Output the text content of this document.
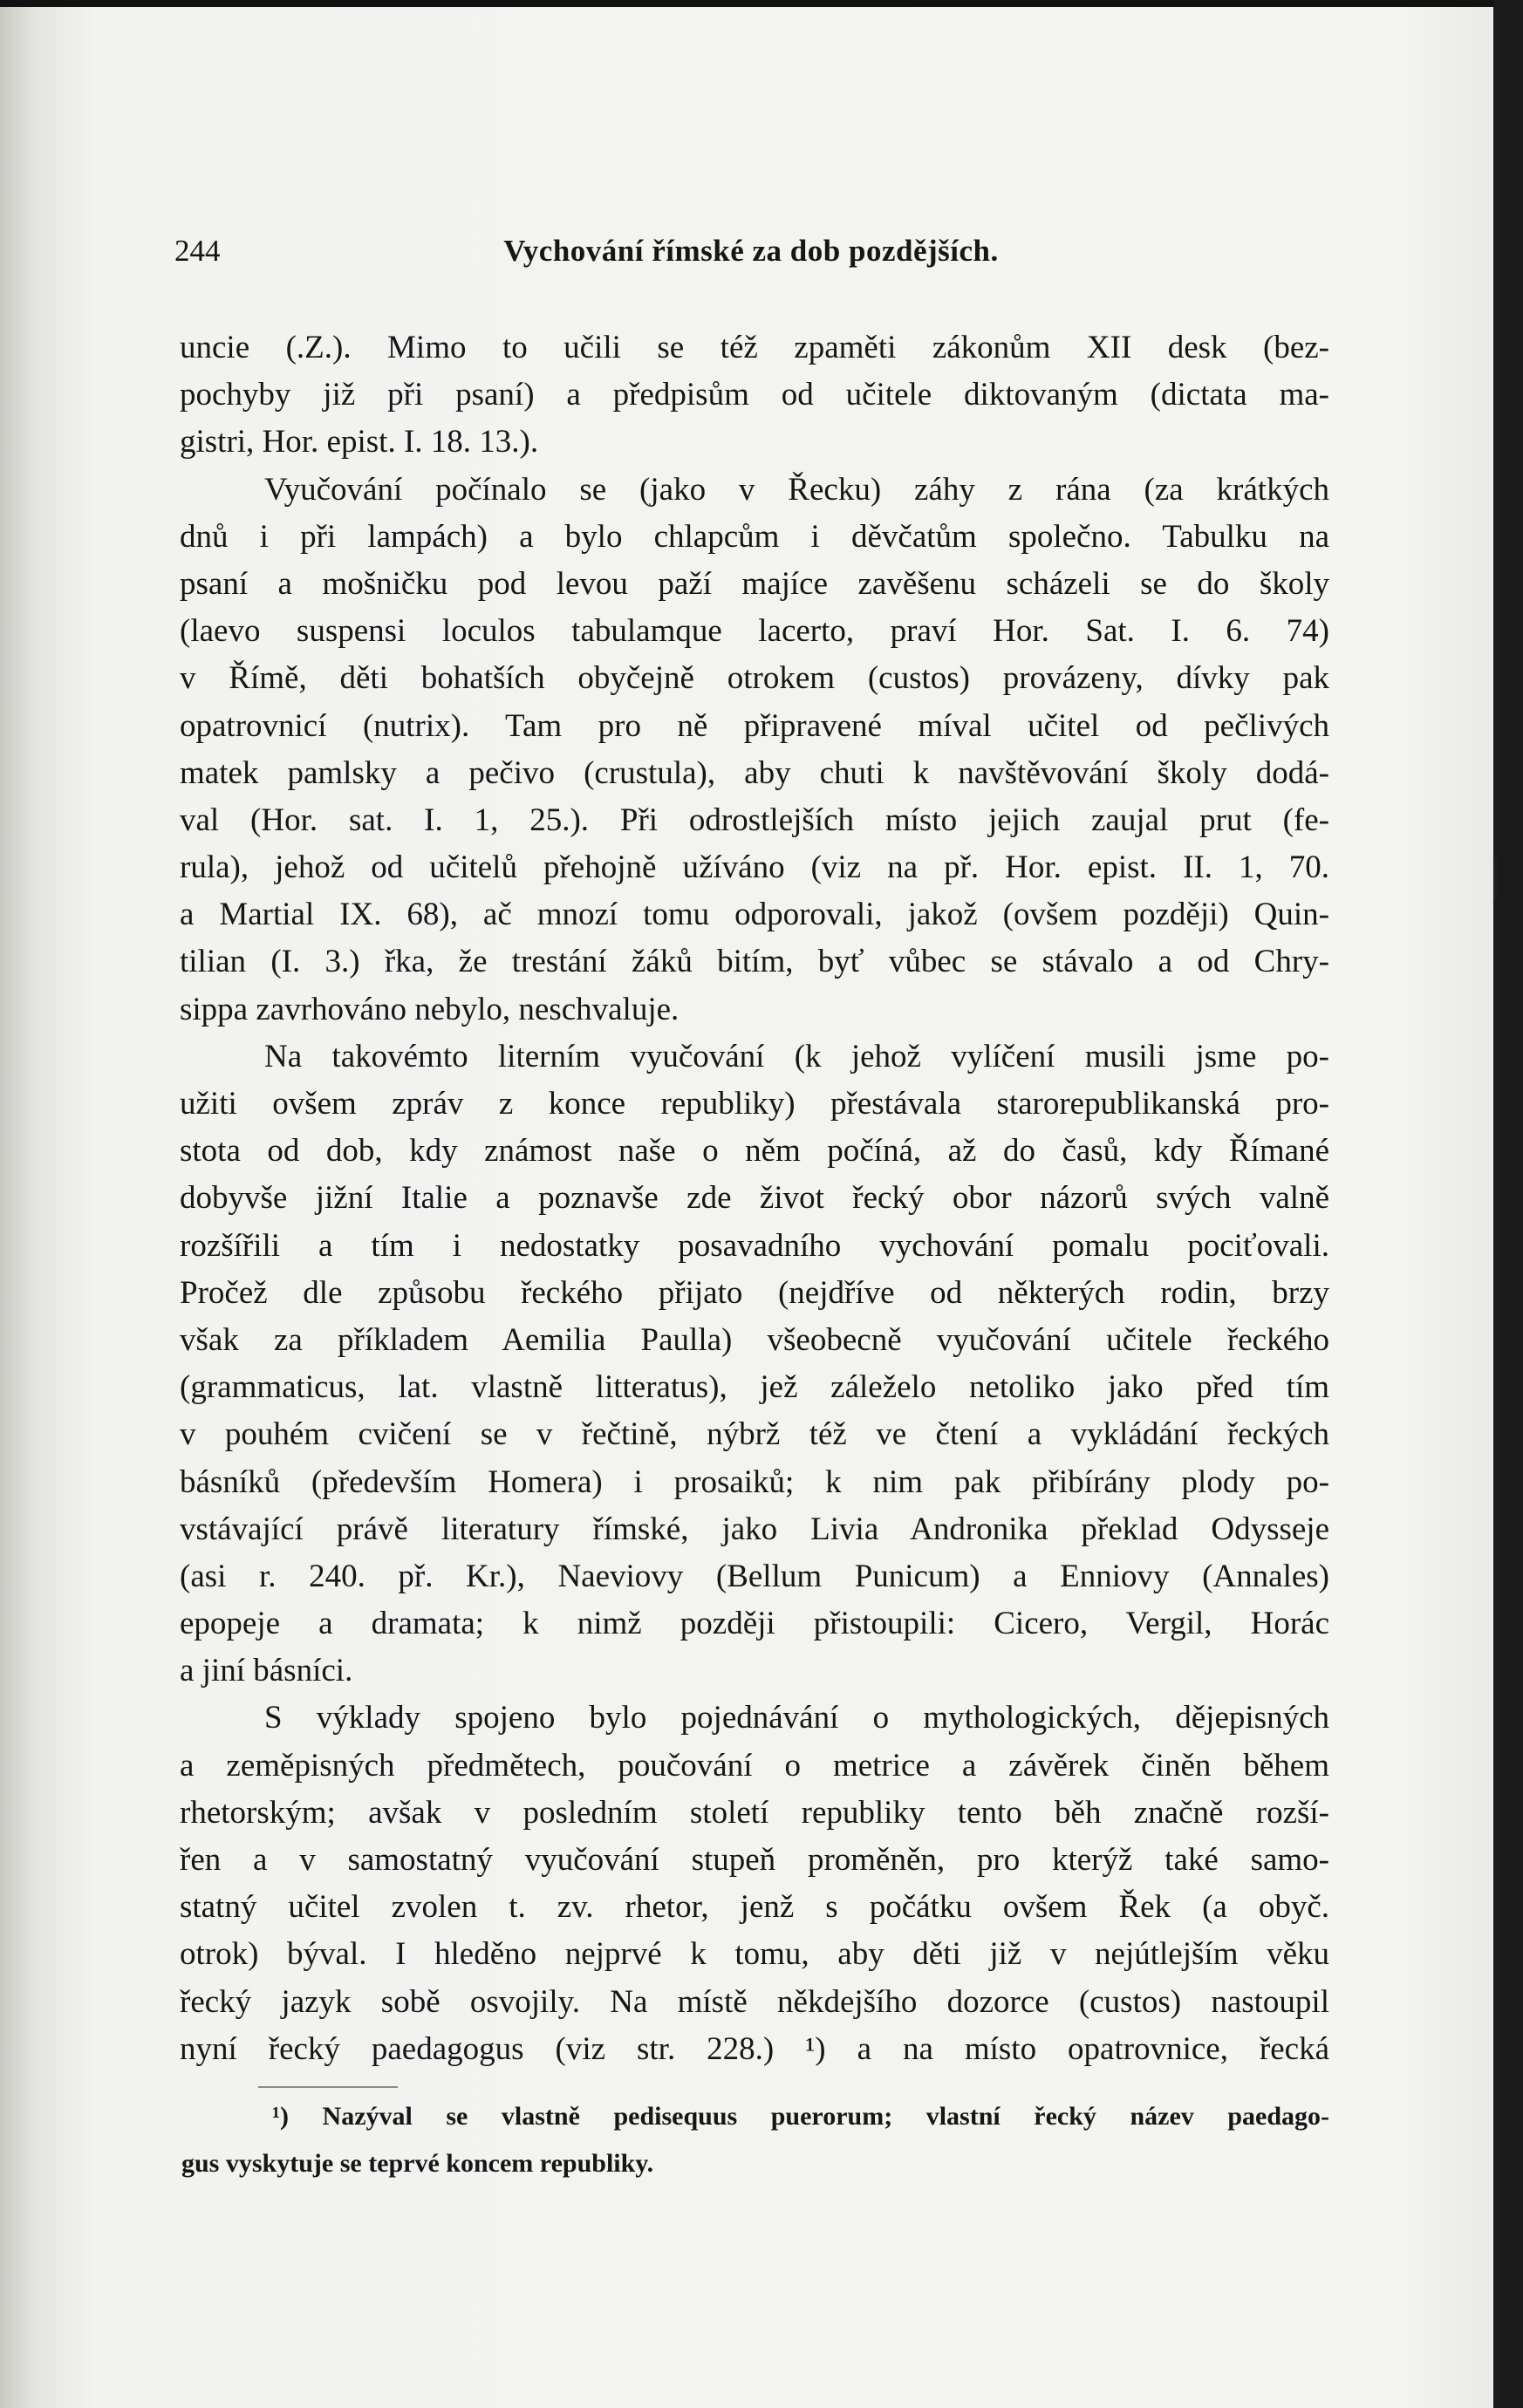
244	Vychování římské za dob pozdějších.
uncie (.Z.). Mimo to učili se též zpaměti zákonům XII desk (bez-
pochyby již při psaní) a předpisům od učitele diktovaným (dictata ma-
gistri, Hor. epist. I. 18. 13.).
Vyučování počínalo se (jako v Řecku) záhy z rána (za krátkých
dnů i při lampách) a bylo chlapcům i děvčatům společno. Tabulku na
psaní a mošničku pod levou paží majíce zavěšenu scházeli se do školy
(laevo suspensi loculos tabulamque lacerto, praví Hor. Sat. I. 6. 74)
v Římě, děti bohatších obyčejně otrokem (custos) provázeny, dívky pak
opatrovnicí (nutrix). Tam pro ně připravené míval učitel od pečlivých
matek pamlsky a pečivo (crustula), aby chuti k navštěvování školy dodá-
val (Hor. sat. I. 1, 25.). Při odrostlejších místo jejich zaujal prut (fe-
rula), jehož od učitelů přehojně užíváno (viz na př. Hor. epist. II. 1, 70.
a Martial IX. 68), ač mnozí tomu odporovali, jakož (ovšem později) Quin-
tilian (I. 3.) řka, že trestání žáků bitím, byť vůbec se stávalo a od Chry-
sippa zavrhováno nebylo, neschvaluje.
Na takovémto literním vyučování (k jehož vylíčení musili jsme po-
užiti ovšem zpráv z konce republiky) přestávala starorepublikanská pro-
stota od dob, kdy známost naše o něm počíná, až do časů, kdy Římané
dobyvše jižní Italie a poznavše zde život řecký obor názorů svých valně
rozšířili a tím i nedostatky posavadního vychování pomalu pociťovali.
Pročež dle způsobu řeckého přijato (nejdříve od některých rodin, brzy
však za příkladem Aemilia Paulla) všeobecně vyučování učitele řeckého
(grammaticus, lat. vlastně litteratus), jež záleželo netoliko jako před tím
v pouhém cvičení se v řečtině, nýbrž též ve čtení a vykládání řeckých
básníků (především Homera) i prosaiků; k nim pak přibírány plody po-
vstávající právě literatury římské, jako Livia Andronika překlad Odysseje
(asi r. 240. př. Kr.), Naeviovy (Bellum Punicum) a Enniovy (Annales)
epopeje a dramata; k nimž později přistoupili: Cicero, Vergil, Horác
a jiní básníci.
S výklady spojeno bylo pojednávání o mythologických, dějepisných
a zeměpisných předmětech, poučování o metrice a závěrek činěn během
rhetorským; avšak v posledním století republiky tento běh značně rozší-
řen a v samostatný vyučování stupeň proměněn, pro kterýž také samo-
statný učitel zvolen t. zv. rhetor, jenž s počátku ovšem Řek (a obyč.
otrok) býval. I hleděno nejprvé k tomu, aby děti již v nejútlejším věku
řecký jazyk sobě osvojily. Na místě někdejšího dozorce (custos) nastoupil
nyní řecký paedagogus (viz str. 228.) ¹) a na místo opatrovnice, řecká
¹) Nazýval se vlastně pedisequus puerorum; vlastní řecký název paedago-
gus vyskytuje se teprvé koncem republiky.
